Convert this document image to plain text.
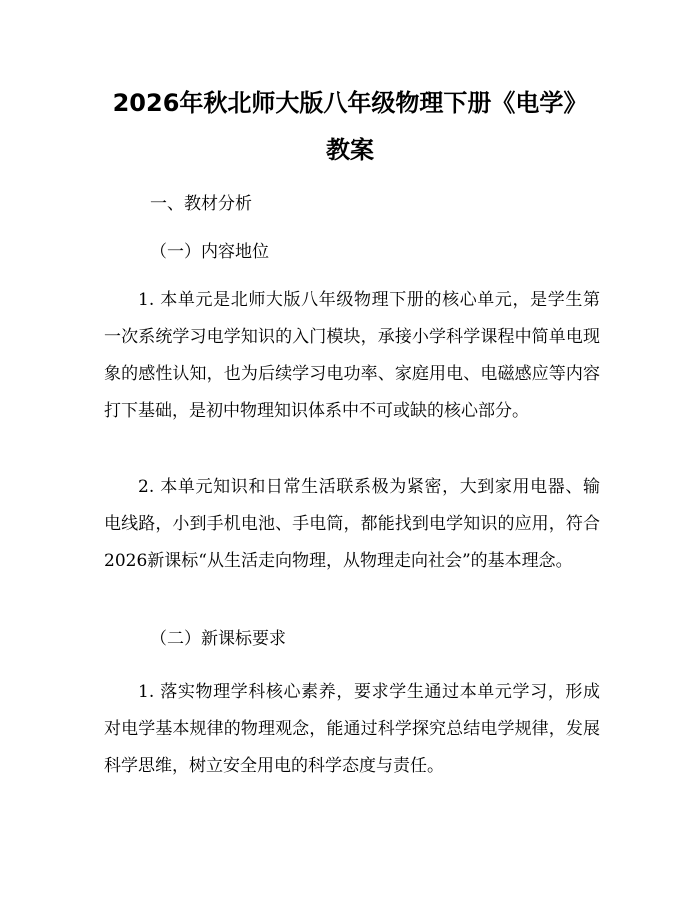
2026年秋北师大版八年级物理下册《电学》
教案

一、教材分析

（一）内容地位

1. 本单元是北师大版八年级物理下册的核心单元，是学生第一次系统学习电学知识的入门模块，承接小学科学课程中简单电现象的感性认知，也为后续学习电功率、家庭用电、电磁感应等内容打下基础，是初中物理知识体系中不可或缺的核心部分。

2. 本单元知识和日常生活联系极为紧密，大到家用电器、输电线路，小到手机电池、手电筒，都能找到电学知识的应用，符合2026新课标“从生活走向物理，从物理走向社会”的基本理念。

（二）新课标要求

1. 落实物理学科核心素养，要求学生通过本单元学习，形成对电学基本规律的物理观念，能通过科学探究总结电学规律，发展科学思维，树立安全用电的科学态度与责任。
